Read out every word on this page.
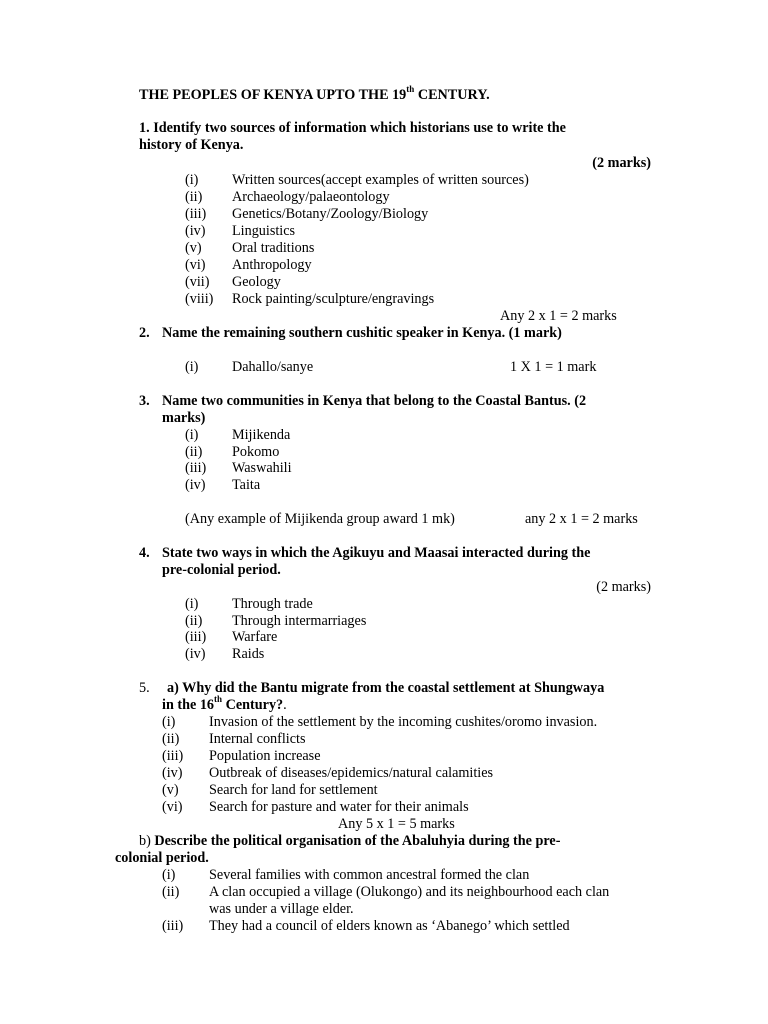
THE PEOPLES OF KENYA UPTO THE 19th CENTURY.
1. Identify two sources of information which historians use to write the
history of Kenya.
(2 marks)
(i) Written sources(accept examples of written sources)
(ii) Archaeology/palaeontology
(iii) Genetics/Botany/Zoology/Biology
(iv) Linguistics
(v) Oral traditions
(vi) Anthropology
(vii) Geology
(viii) Rock painting/sculpture/engravings
Any 2 x 1 = 2 marks
2. Name the remaining southern cushitic speaker in Kenya. (1 mark)
(i) Dahallo/sanye	1 X 1 = 1 mark
3. Name two communities in Kenya that belong to the Coastal Bantus. (2
marks)
(i) Mijikenda
(ii) Pokomo
(iii) Waswahili
(iv) Taita
(Any example of Mijikenda group award 1 mk)	any 2 x 1 = 2 marks
4. State two ways in which the Agikuyu and Maasai interacted during the
pre-colonial period.
(2 marks)
(i) Through trade
(ii) Through intermarriages
(iii) Warfare
(iv) Raids
5. a) Why did the Bantu migrate from the coastal settlement at Shungwaya
in the 16th Century?.
(i) Invasion of the settlement by the incoming cushites/oromo invasion.
(ii) Internal conflicts
(iii) Population increase
(iv) Outbreak of diseases/epidemics/natural calamities
(v) Search for land for settlement
(vi) Search for pasture and water for their animals
Any 5 x 1 = 5 marks
b) Describe the political organisation of the Abaluhyia during the pre-
colonial period.
(i) Several families with common ancestral formed the clan
(ii) A clan occupied a village (Olukongo) and its neighbourhood each clan
was under a village elder.
(iii) They had a council of elders known as ‘Abanego’ which settled
